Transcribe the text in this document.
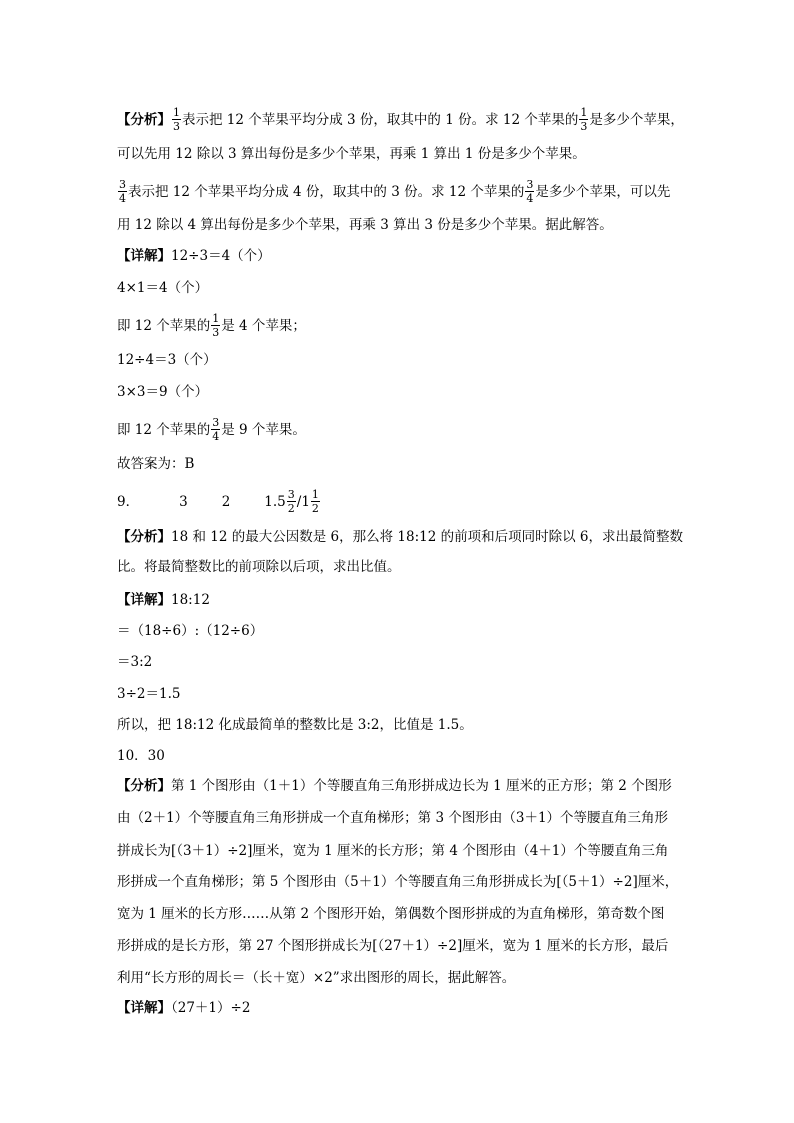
【分析】 $\frac{1}{3}$ 表示把 12 个苹果平均分成 3 份，取其中的 1 份。求 12 个苹果的 $\frac{1}{3}$ 是多少个苹果，
可以先用 12 除以 3 算出每份是多少个苹果，再乘 1 算出 1 份是多少个苹果。
$\frac{3}{4}$ 表示把 12 个苹果平均分成 4 份，取其中的 3 份。求 12 个苹果的 $\frac{3}{4}$ 是多少个苹果，可以先
用 12 除以 4 算出每份是多少个苹果，再乘 3 算出 3 份是多少个苹果。据此解答。
【详解】12÷3＝4（个）
4×1＝4（个）
即 12 个苹果的 $\frac{1}{3}$ 是 4 个苹果；
12÷4＝3（个）
3×3＝9（个）
即 12 个苹果的 $\frac{3}{4}$ 是 9 个苹果。
故答案为：B
9．	3	2	$1.5 \frac{3}{2} /1 \frac{1}{2}$
【分析】18 和 12 的最大公因数是 6，那么将 18:12 的前项和后项同时除以 6，求出最简整数
比。将最简整数比的前项除以后项，求出比值。
【详解】18:12
＝（18÷6）:（12÷6）
＝3:2
3÷2＝1.5
所以，把 18:12 化成最简单的整数比是 3:2，比值是 1.5。
10．30
【分析】第 1 个图形由（1＋1）个等腰直角三角形拼成边长为 1 厘米的正方形；第 2 个图形
由（2＋1）个等腰直角三角形拼成一个直角梯形；第 3 个图形由（3＋1）个等腰直角三角形
拼成长为[（3＋1）÷2]厘米，宽为 1 厘米的长方形；第 4 个图形由（4＋1）个等腰直角三角
形拼成一个直角梯形；第 5 个图形由（5＋1）个等腰直角三角形拼成长为[（5＋1）÷2]厘米，
宽为 1 厘米的长方形……从第 2 个图形开始，第偶数个图形拼成的为直角梯形，第奇数个图
形拼成的是长方形，第 27 个图形拼成长为[（27＋1）÷2]厘米，宽为 1 厘米的长方形，最后
利用“长方形的周长＝（长＋宽）×2”求出图形的周长，据此解答。
【详解】（27＋1）÷2
